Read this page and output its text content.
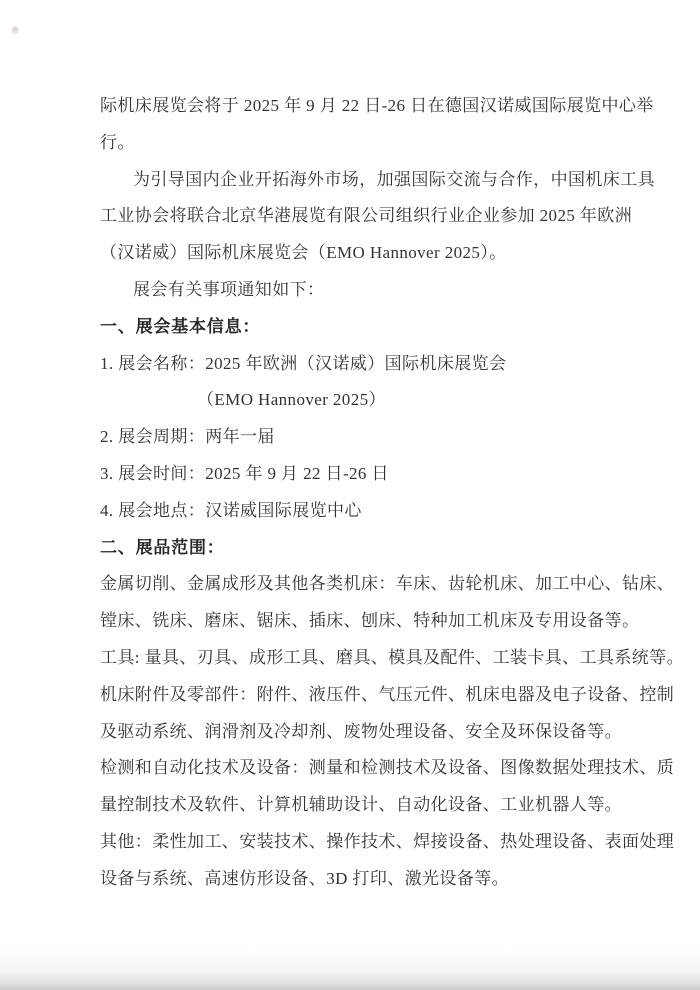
际机床展览会将于 2025 年 9 月 22 日-26 日在德国汉诺威国际展览中心举
行。
为引导国内企业开拓海外市场，加强国际交流与合作，中国机床工具
工业协会将联合北京华港展览有限公司组织行业企业参加 2025 年欧洲
（汉诺威）国际机床展览会（EMO Hannover 2025）。
展会有关事项通知如下：
一、展会基本信息：
1. 展会名称：2025 年欧洲（汉诺威）国际机床展览会
（EMO Hannover 2025）
2. 展会周期：两年一届
3. 展会时间：2025 年 9 月 22 日-26 日
4. 展会地点：汉诺威国际展览中心
二、展品范围：
金属切削、金属成形及其他各类机床：车床、齿轮机床、加工中心、钻床、
镗床、铣床、磨床、锯床、插床、刨床、特种加工机床及专用设备等。
工具: 量具、刃具、成形工具、磨具、模具及配件、工装卡具、工具系统等。
机床附件及零部件：附件、液压件、气压元件、机床电器及电子设备、控制
及驱动系统、润滑剂及冷却剂、废物处理设备、安全及环保设备等。
检测和自动化技术及设备：测量和检测技术及设备、图像数据处理技术、质
量控制技术及软件、计算机辅助设计、自动化设备、工业机器人等。
其他：柔性加工、安装技术、操作技术、焊接设备、热处理设备、表面处理
设备与系统、高速仿形设备、3D 打印、激光设备等。
